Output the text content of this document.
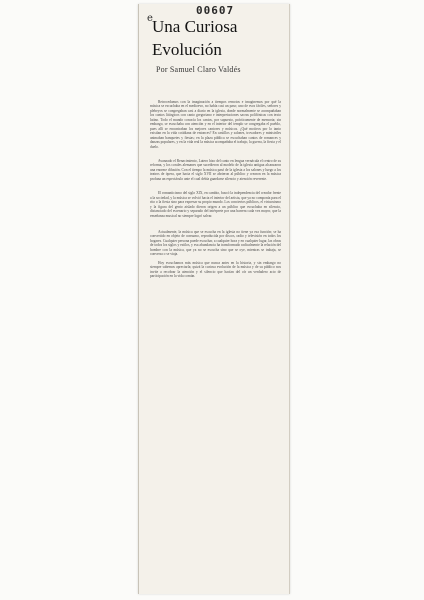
00607
e Una Curiosa
Evolución
Por Samuel Claro Valdés

Retrocedamos con la imaginación a tiempos remotos e imaginemos por qué la música se escuchaba en el medioevo, no había casi un paso; uno de esos fáciles, señores y plebeyos se congregaban casi a diario en la iglesia, donde normalmente se acompañaban los cantos litúrgicos con canto gregoriano e interpretaciones sacras polifónicas con texto latino. Todo el mundo conocía los cantos, por supuesto, prácticamente de memoria; sin embargo, se escuchaba con atención y en el interior del templo se congregaba el pueblo, pues allí se encontraban los mejores cantores y músicos. ¿Qué motivos por lo tanto existían en la vida cotidiana de entonces? En castillos y salones, trovadores y ministriles animaban banquetes y fiestas; en la plaza pública se escuchaban cantos de romances y danzas populares, y en la vida real la música acompañaba el trabajo, la guerra, la fiesta y el duelo.

Avanzado el Renacimiento, Lutero hizo del canto en lengua vernácula el centro de su reforma, y los corales alemanes que sucedieron al modelo de la iglesia antigua alcanzaron una enorme difusión. Con el tiempo la música pasó de la iglesia a los salones y luego a los teatros de ópera, que hacia el siglo XVII se abrieron al público y crearon en la música profana un espectáculo ante el cual debía guardarse silencio y atención reverente.

El romanticismo del siglo XIX, en cambio, buscó la independencia del creador frente a la sociedad, y la música se volvió hacia el interior del artista, que ya no componía para el rito o la fiesta sino para expresar su propio mundo. Los conciertos públicos, el virtuosismo y la figura del genio aislado dieron origen a un público que escuchaba en silencio, distanciado del escenario y separado del intérprete por una barrera cada vez mayor, que la enseñanza musical no siempre logró salvar.

Actualmente, la música que se escucha en la iglesia no tiene ya esa función; se ha convertido en objeto de consumo, reproducida por discos, radio y televisión en todos los hogares. Cualquier persona puede escuchar, a cualquier hora y en cualquier lugar, las obras de todos los siglos y estilos, y esa abundancia ha transformado radicalmente la relación del hombre con la música, que ya no se escucha sino que se oye, mientras se trabaja, se conversa o se viaja.

Hoy escuchamos más música que nunca antes en la historia, y sin embargo no siempre sabemos apreciarla; quizá la curiosa evolución de la música y de su público nos invite a recobrar la atención y el silencio que hacían del oír un verdadero acto de participación en la vida común.
